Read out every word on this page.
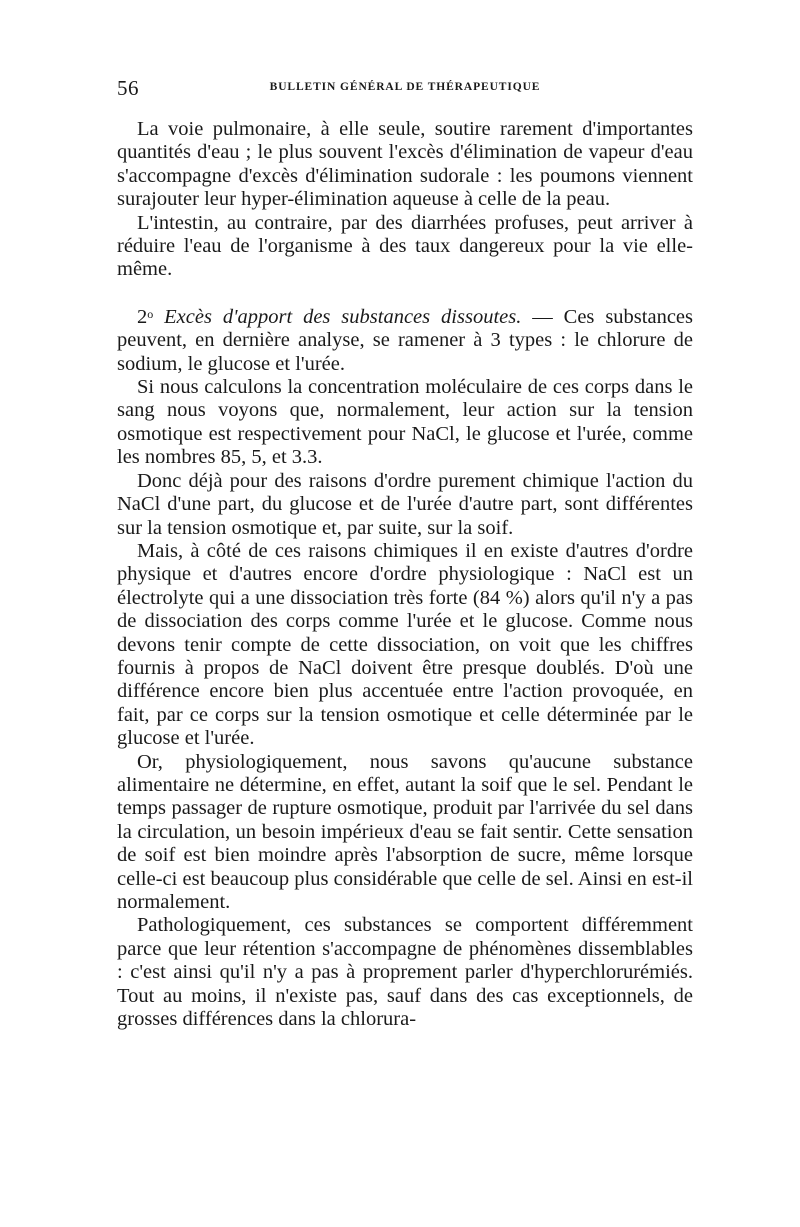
56	BULLETIN GÉNÉRAL DE THÉRAPEUTIQUE

La voie pulmonaire, à elle seule, soutire rarement d'importantes quantités d'eau ; le plus souvent l'excès d'élimination de vapeur d'eau s'accompagne d'excès d'élimination sudorale : les poumons viennent surajouter leur hyper-élimination aqueuse à celle de la peau.

L'intestin, au contraire, par des diarrhées profuses, peut arriver à réduire l'eau de l'organisme à des taux dangereux pour la vie elle-même.

2$^o$ Excès d'apport des substances dissoutes. — Ces substances peuvent, en dernière analyse, se ramener à 3 types : le chlorure de sodium, le glucose et l'urée.

Si nous calculons la concentration moléculaire de ces corps dans le sang nous voyons que, normalement, leur action sur la tension osmotique est respectivement pour NaCl, le glucose et l'urée, comme les nombres 85, 5, et 3.3.

Donc déjà pour des raisons d'ordre purement chimique l'action du NaCl d'une part, du glucose et de l'urée d'autre part, sont différentes sur la tension osmotique et, par suite, sur la soif.

Mais, à côté de ces raisons chimiques il en existe d'autres d'ordre physique et d'autres encore d'ordre physiologique : NaCl est un électrolyte qui a une dissociation très forte (84 %) alors qu'il n'y a pas de dissociation des corps comme l'urée et le glucose. Comme nous devons tenir compte de cette dissociation, on voit que les chiffres fournis à propos de NaCl doivent être presque doublés. D'où une différence encore bien plus accentuée entre l'action provoquée, en fait, par ce corps sur la tension osmotique et celle déterminée par le glucose et l'urée.

Or, physiologiquement, nous savons qu'aucune substance alimentaire ne détermine, en effet, autant la soif que le sel. Pendant le temps passager de rupture osmotique, produit par l'arrivée du sel dans la circulation, un besoin impérieux d'eau se fait sentir. Cette sensation de soif est bien moindre après l'absorption de sucre, même lorsque celle-ci est beaucoup plus considérable que celle de sel. Ainsi en est-il normalement.

Pathologiquement, ces substances se comportent différemment parce que leur rétention s'accompagne de phénomènes dissemblables : c'est ainsi qu'il n'y a pas à proprement parler d'hyperchlorurémiés. Tout au moins, il n'existe pas, sauf dans des cas exceptionnels, de grosses différences dans la chlorura-
